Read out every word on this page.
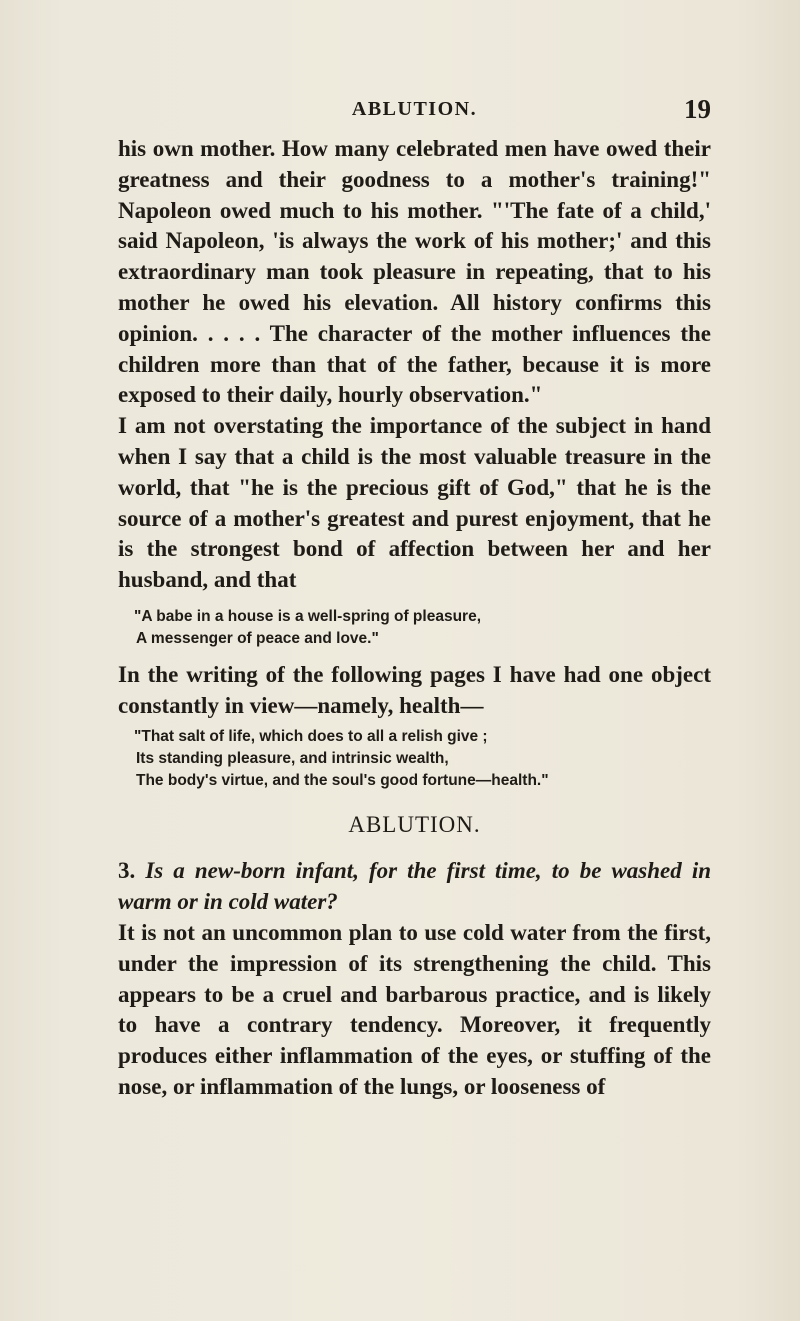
ABLUTION.	19

his own mother. How many celebrated men have owed their greatness and their goodness to a mother's training!" Napoleon owed much to his mother. "'The fate of a child,' said Napoleon, 'is always the work of his mother;' and this extraordinary man took pleasure in repeating, that to his mother he owed his elevation. All history confirms this opinion. . . . . The character of the mother influences the children more than that of the father, because it is more exposed to their daily, hourly observation."

I am not overstating the importance of the subject in hand when I say that a child is the most valuable treasure in the world, that "he is the precious gift of God," that he is the source of a mother's greatest and purest enjoyment, that he is the strongest bond of affection between her and her husband, and that

"A babe in a house is a well-spring of pleasure,
A messenger of peace and love."

In the writing of the following pages I have had one object constantly in view—namely, health—

"That salt of life, which does to all a relish give ;
Its standing pleasure, and intrinsic wealth,
The body's virtue, and the soul's good fortune—health."
ABLUTION.

3. Is a new-born infant, for the first time, to be washed in warm or in cold water?

It is not an uncommon plan to use cold water from the first, under the impression of its strengthening the child. This appears to be a cruel and barbarous practice, and is likely to have a contrary tendency. Moreover, it frequently produces either inflammation of the eyes, or stuffing of the nose, or inflammation of the lungs, or looseness of
